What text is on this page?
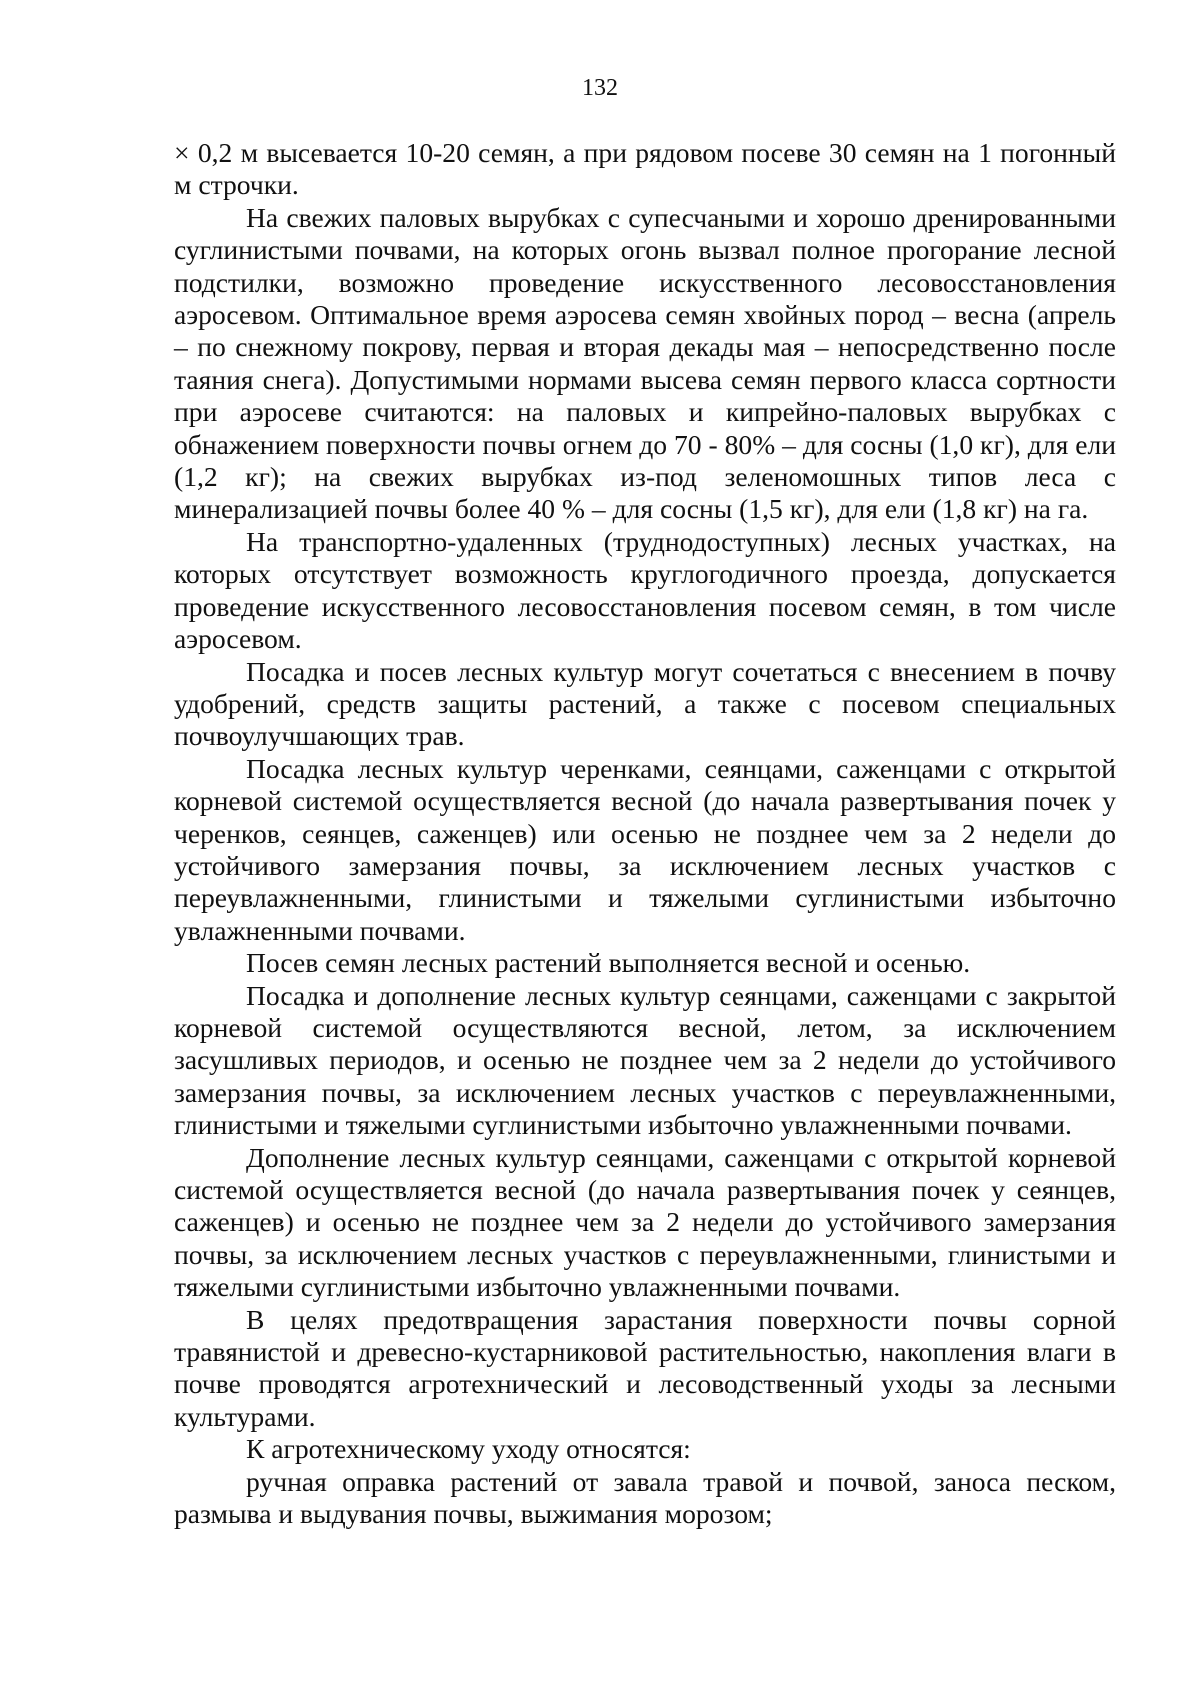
132

× 0,2 м высевается 10-20 семян, а при рядовом посеве 30 семян на 1 погонный м строчки.

На свежих паловых вырубках с супесчаными и хорошо дренированными суглинистыми почвами, на которых огонь вызвал полное прогорание лесной подстилки, возможно проведение искусственного лесовосстановления аэросевом. Оптимальное время аэросева семян хвойных пород – весна (апрель – по снежному покрову, первая и вторая декады мая – непосредственно после таяния снега). Допустимыми нормами высева семян первого класса сортности при аэросеве считаются: на паловых и кипрейно-паловых вырубках с обнажением поверхности почвы огнем до 70 - 80% – для сосны (1,0 кг), для ели (1,2 кг); на свежих вырубках из-под зеленомошных типов леса с минерализацией почвы более 40 % – для сосны (1,5 кг), для ели (1,8 кг) на га.

На транспортно-удаленных (труднодоступных) лесных участках, на которых отсутствует возможность круглогодичного проезда, допускается проведение искусственного лесовосстановления посевом семян, в том числе аэросевом.

Посадка и посев лесных культур могут сочетаться с внесением в почву удобрений, средств защиты растений, а также с посевом специальных почвоулучшающих трав.

Посадка лесных культур черенками, сеянцами, саженцами с открытой корневой системой осуществляется весной (до начала развертывания почек у черенков, сеянцев, саженцев) или осенью не позднее чем за 2 недели до устойчивого замерзания почвы, за исключением лесных участков с переувлажненными, глинистыми и тяжелыми суглинистыми избыточно увлажненными почвами.

Посев семян лесных растений выполняется весной и осенью.

Посадка и дополнение лесных культур сеянцами, саженцами с закрытой корневой системой осуществляются весной, летом, за исключением засушливых периодов, и осенью не позднее чем за 2 недели до устойчивого замерзания почвы, за исключением лесных участков с переувлажненными, глинистыми и тяжелыми суглинистыми избыточно увлажненными почвами.

Дополнение лесных культур сеянцами, саженцами с открытой корневой системой осуществляется весной (до начала развертывания почек у сеянцев, саженцев) и осенью не позднее чем за 2 недели до устойчивого замерзания почвы, за исключением лесных участков с переувлажненными, глинистыми и тяжелыми суглинистыми избыточно увлажненными почвами.

В целях предотвращения зарастания поверхности почвы сорной травянистой и древесно-кустарниковой растительностью, накопления влаги в почве проводятся агротехнический и лесоводственный уходы за лесными культурами.

К агротехническому уходу относятся:

ручная оправка растений от завала травой и почвой, заноса песком, размыва и выдувания почвы, выжимания морозом;
